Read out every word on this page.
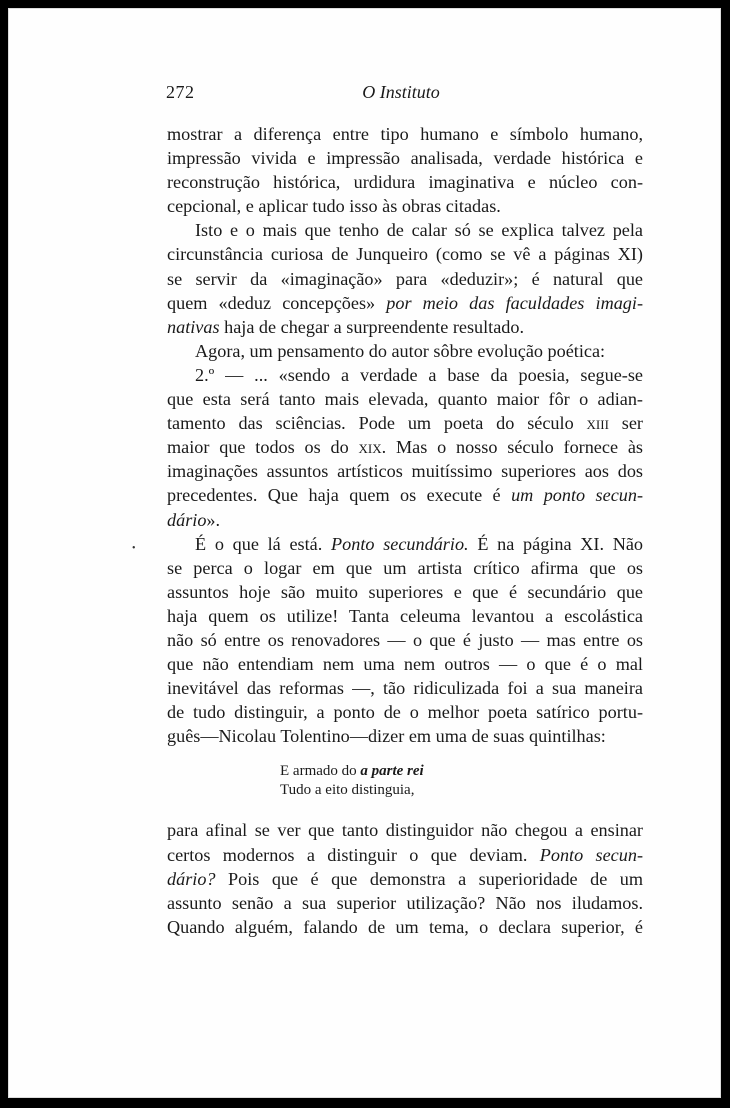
272	O Instituto
•

mostrar a diferença entre tipo humano e símbolo humano,
impressão vivida e impressão analisada, verdade histórica e
reconstrução histórica, urdidura imaginativa e núcleo con-
cepcional, e aplicar tudo isso às obras citadas.

Isto e o mais que tenho de calar só se explica talvez pela
circunstância curiosa de Junqueiro (como se vê a páginas XI)
se servir da «imaginação» para «deduzir»; é natural que
quem «deduz concepções» por meio das faculdades imagi-
nativas haja de chegar a surpreendente resultado.

Agora, um pensamento do autor sôbre evolução poética:

2.º — ... «sendo a verdade a base da poesia, segue-se
que esta será tanto mais elevada, quanto maior fôr o adian-
tamento das sciências. Pode um poeta do século xiii ser
maior que todos os do xix. Mas o nosso século fornece às
imaginações assuntos artísticos muitíssimo superiores aos dos
precedentes. Que haja quem os execute é um ponto secun-
dário».

É o que lá está. Ponto secundário. É na página XI. Não
se perca o logar em que um artista crítico afirma que os
assuntos hoje são muito superiores e que é secundário que
haja quem os utilize! Tanta celeuma levantou a escolástica
não só entre os renovadores — o que é justo — mas entre os
que não entendiam nem uma nem outros — o que é o mal
inevitável das reformas —, tão ridiculizada foi a sua maneira
de tudo distinguir, a ponto de o melhor poeta satírico portu-
guês—Nicolau Tolentino—dizer em uma de suas quintilhas:

E armado do a parte rei
Tudo a eito distinguia,

para afinal se ver que tanto distinguidor não chegou a ensinar
certos modernos a distinguir o que deviam. Ponto secun-
dário? Pois que é que demonstra a superioridade de um
assunto senão a sua superior utilização? Não nos iludamos.
Quando alguém, falando de um tema, o declara superior, é
